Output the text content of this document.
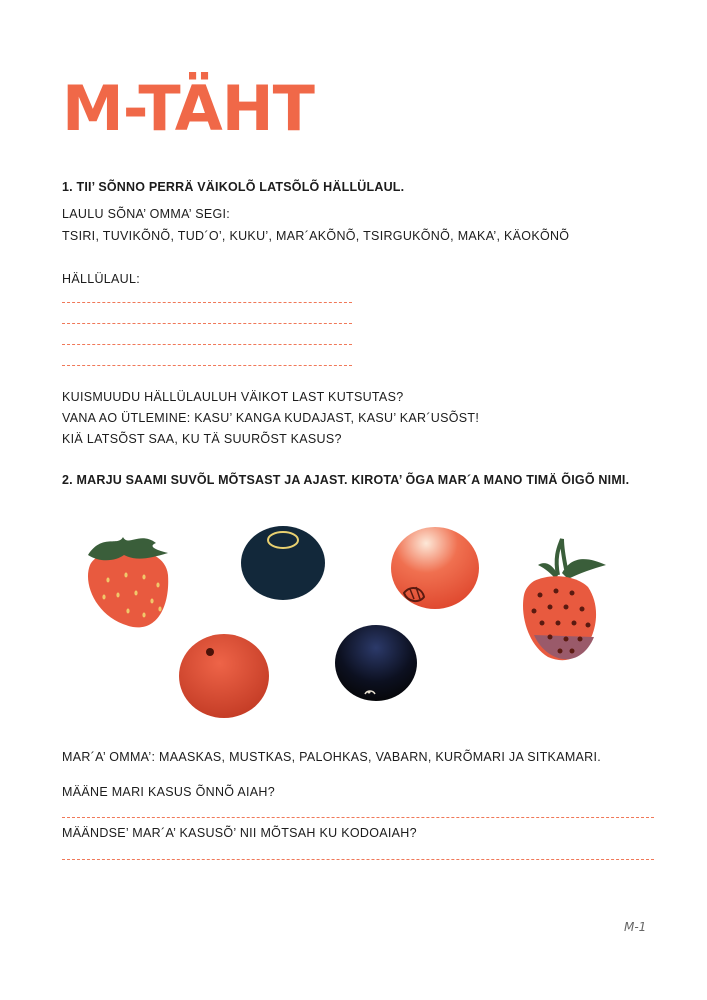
M-TÄHT
1. TII’ SÕNNO PERRÄ VÄIKOLÕ LATSÕLÕ HÄLLÜLAUL.
LAULU SÕNA’ OMMA’ SEGI:
TSIRI, TUVIKÕNÕ, TUD´O’, KUKU’, MAR´AKÕNÕ, TSIRGUKÕNÕ, MAKA’, KÄOKÕNÕ
HÄLLÜLAUL:
KUISMUUDU HÄLLÜLAULUH VÄIKOT LAST KUTSUTAS?
VANA AO ÜTLEMINE: KASU’ KANGA KUDAJAST, KASU’ KAR´USÕST!
KIÄ LATSÕST SAA, KU TÄ SUURÕST KASUS?
2. MARJU SAAMI SUVÕL MÕTSAST JA AJAST. KIROTA’ ÕGA MAR´A MANO TIMÄ ÕIGÕ NIMI.
MAR´A’ OMMA’: MAASKAS, MUSTKAS, PALOHKAS, VABARN, KURÕMARI JA SITKAMARI.
MÄÄNE MARI KASUS ÕNNÕ AIAH?
MÄÄNDSE’ MAR´A’ KASUSÕ’ NII MÕTSAH KU KODOAIAH?
M-1
